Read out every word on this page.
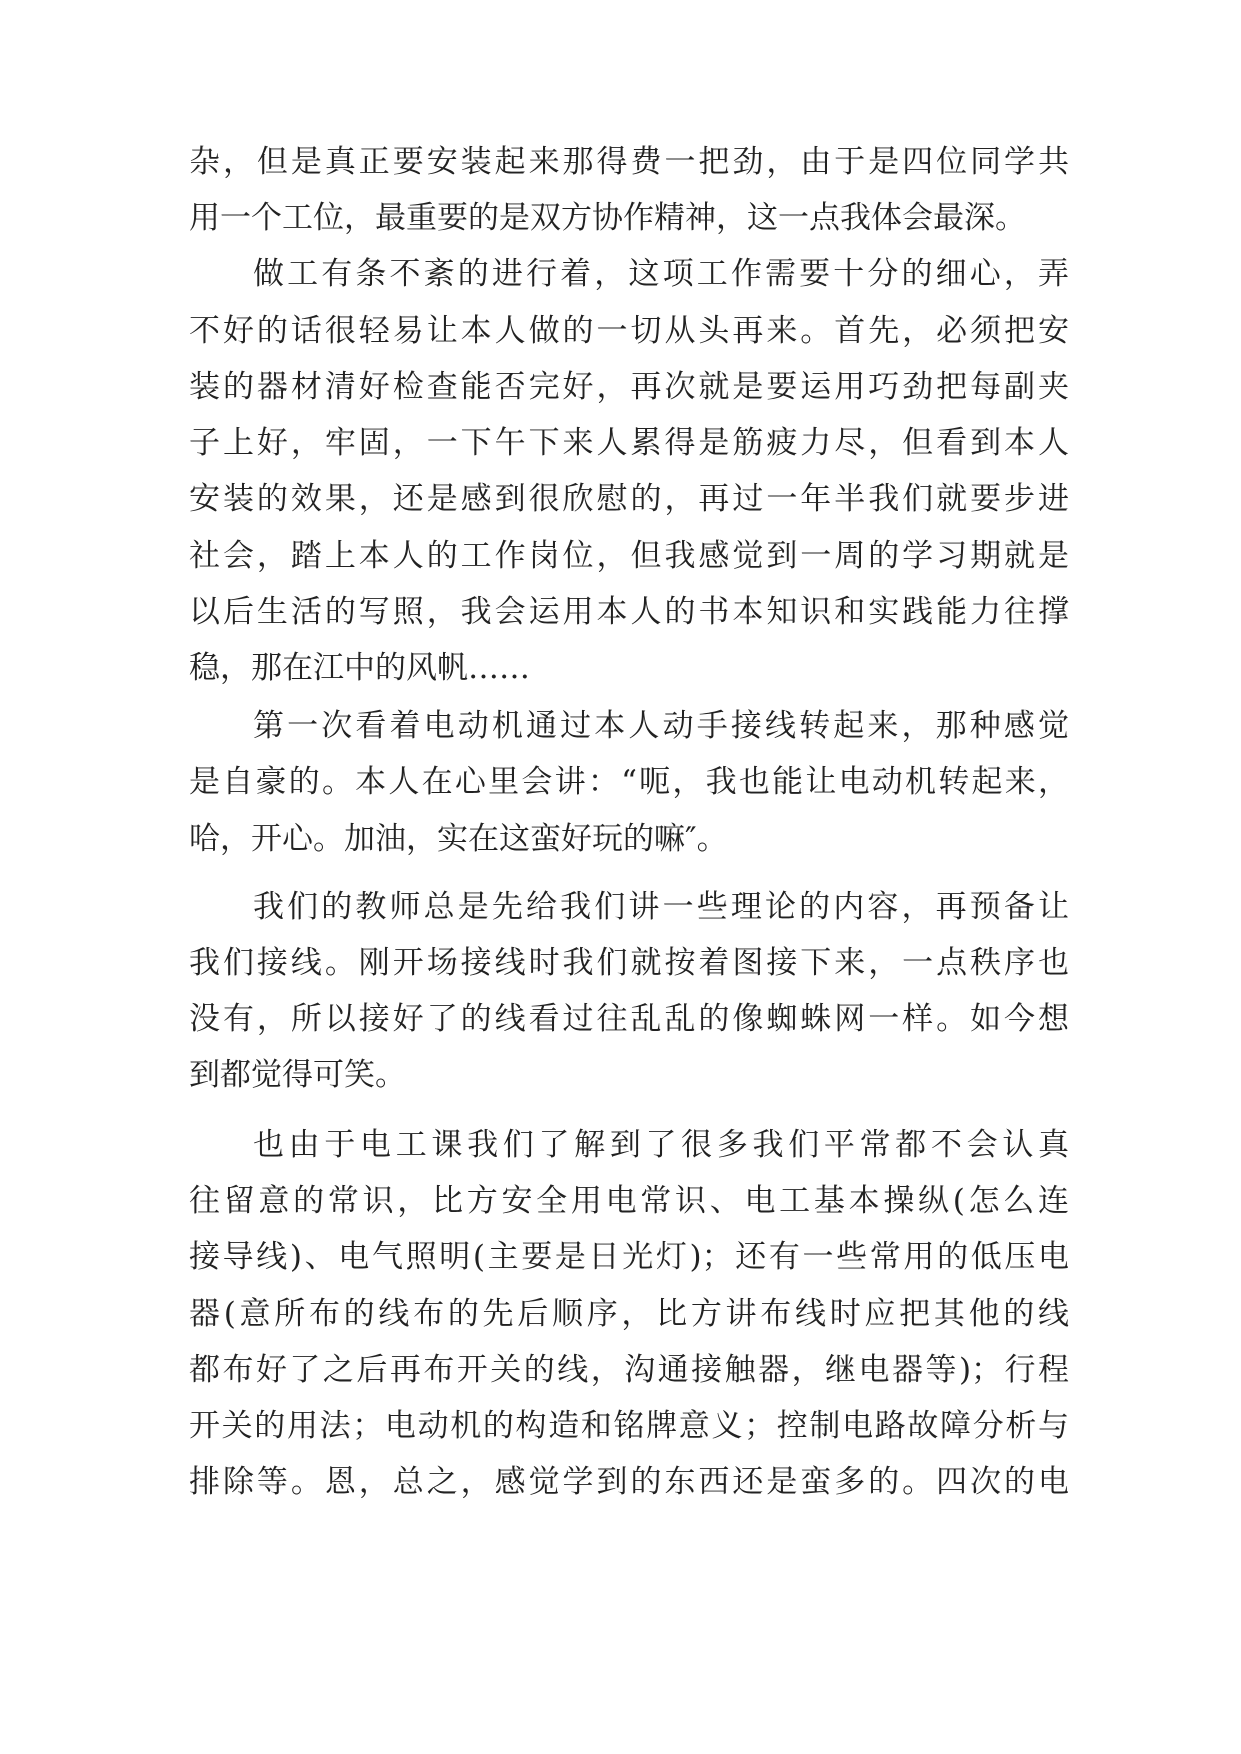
杂，但是真正要安装起来那得费一把劲，由于是四位同学共
用一个工位，最重要的是双方协作精神，这一点我体会最深。
做工有条不紊的进行着，这项工作需要十分的细心，弄
不好的话很轻易让本人做的一切从头再来。首先，必须把安
装的器材清好检查能否完好，再次就是要运用巧劲把每副夹
子上好，牢固，一下午下来人累得是筋疲力尽，但看到本人
安装的效果，还是感到很欣慰的，再过一年半我们就要步进
社会，踏上本人的工作岗位，但我感觉到一周的学习期就是
以后生活的写照，我会运用本人的书本知识和实践能力往撑
稳，那在江中的风帆……
第一次看着电动机通过本人动手接线转起来，那种感觉
是自豪的。本人在心里会讲：“呃，我也能让电动机转起来，
哈，开心。加油，实在这蛮好玩的嘛″。
我们的教师总是先给我们讲一些理论的内容，再预备让
我们接线。刚开场接线时我们就按着图接下来，一点秩序也
没有，所以接好了的线看过往乱乱的像蜘蛛网一样。如今想
到都觉得可笑。
也由于电工课我们了解到了很多我们平常都不会认真
往留意的常识，比方安全用电常识、电工基本操纵(怎么连
接导线)、电气照明(主要是日光灯)；还有一些常用的低压电
器(意所布的线布的先后顺序，比方讲布线时应把其他的线
都布好了之后再布开关的线，沟通接触器，继电器等)；行程
开关的用法；电动机的构造和铭牌意义；控制电路故障分析与
排除等。恩，总之，感觉学到的东西还是蛮多的。四次的电
